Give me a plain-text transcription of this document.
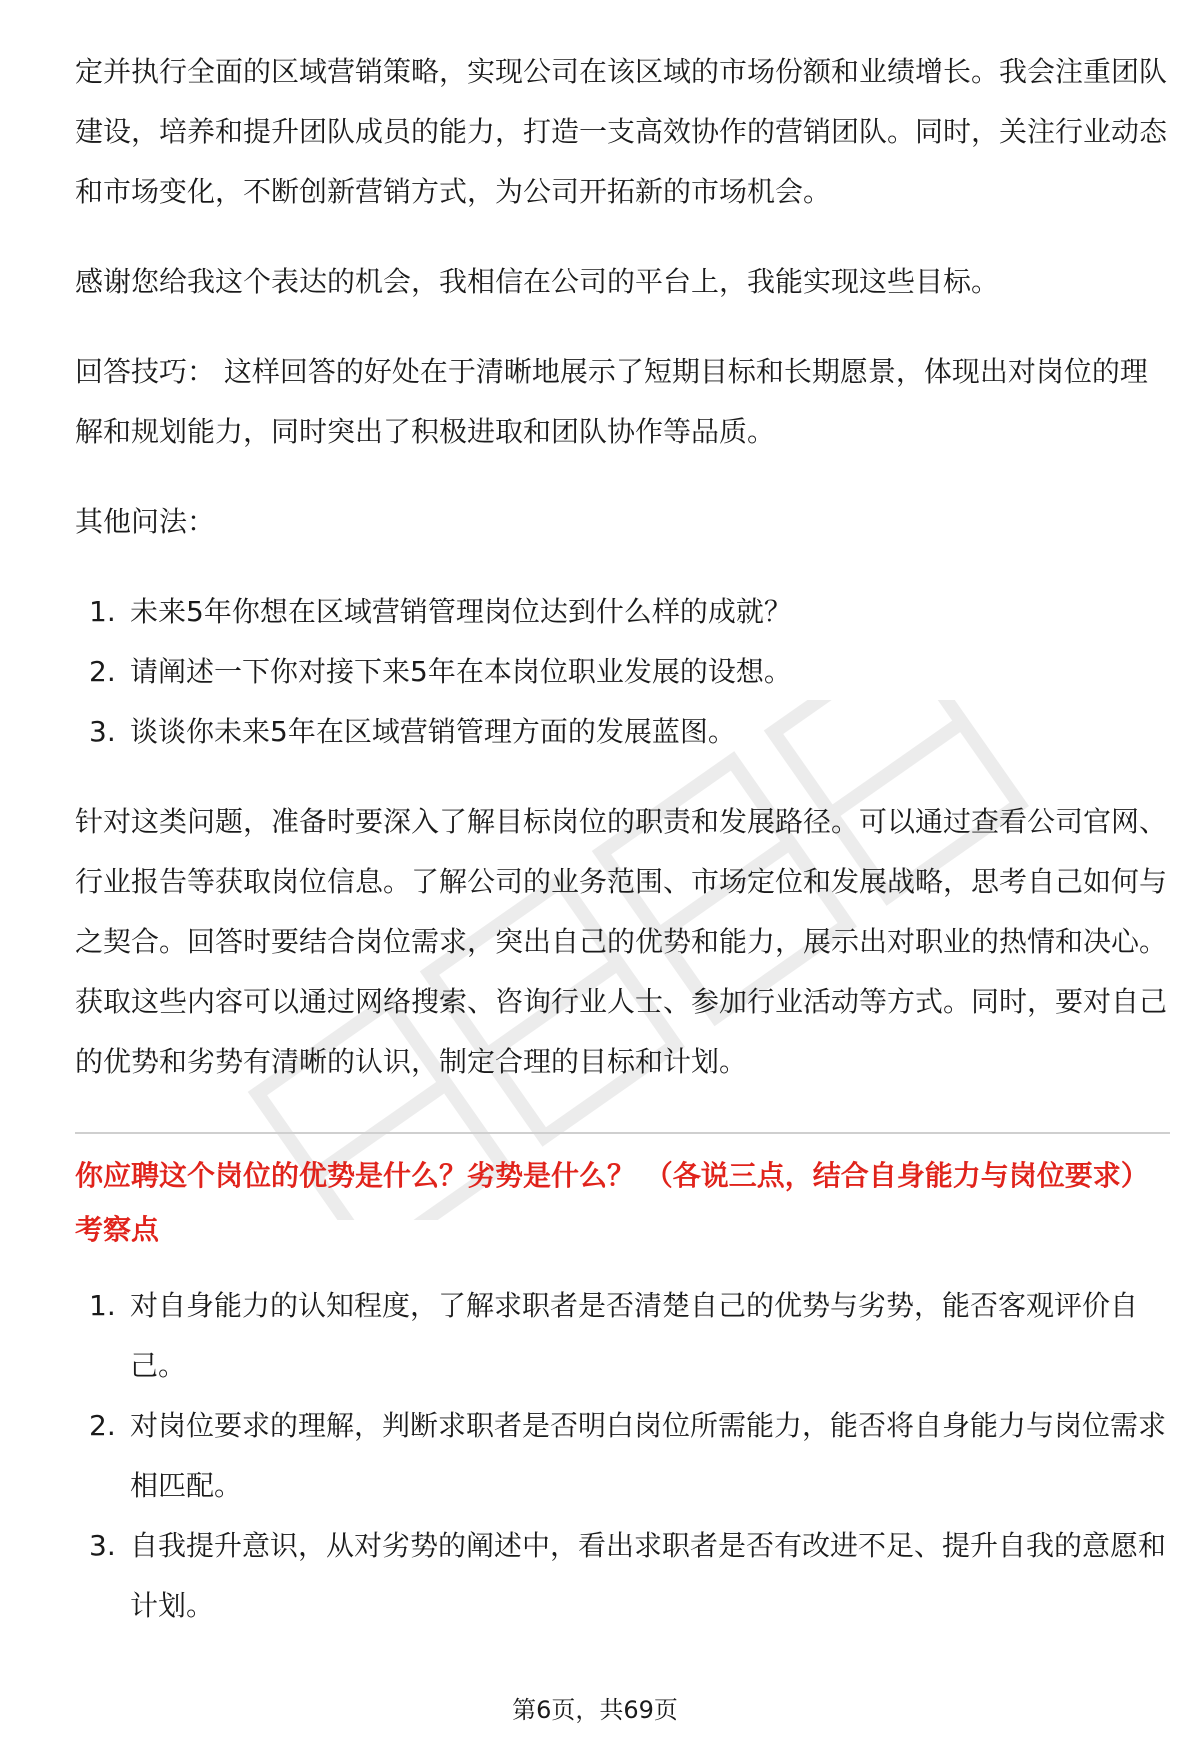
定并执行全面的区域营销策略，实现公司在该区域的市场份额和业绩增长。我会注重团队建设，培养和提升团队成员的能力，打造一支高效协作的营销团队。同时，关注行业动态和市场变化，不断创新营销方式，为公司开拓新的市场机会。

感谢您给我这个表达的机会，我相信在公司的平台上，我能实现这些目标。

回答技巧： 这样回答的好处在于清晰地展示了短期目标和长期愿景，体现出对岗位的理解和规划能力，同时突出了积极进取和团队协作等品质。

其他问法：

1. 未来5年你想在区域营销管理岗位达到什么样的成就？
2. 请阐述一下你对接下来5年在本岗位职业发展的设想。
3. 谈谈你未来5年在区域营销管理方面的发展蓝图。

针对这类问题，准备时要深入了解目标岗位的职责和发展路径。可以通过查看公司官网、行业报告等获取岗位信息。了解公司的业务范围、市场定位和发展战略，思考自己如何与之契合。回答时要结合岗位需求，突出自己的优势和能力，展示出对职业的热情和决心。获取这些内容可以通过网络搜索、咨询行业人士、参加行业活动等方式。同时，要对自己的优势和劣势有清晰的认识，制定合理的目标和计划。

你应聘这个岗位的优势是什么？劣势是什么？ （各说三点，结合自身能力与岗位要求）

考察点

1. 对自身能力的认知程度，了解求职者是否清楚自己的优势与劣势，能否客观评价自己。
2. 对岗位要求的理解，判断求职者是否明白岗位所需能力，能否将自身能力与岗位需求相匹配。
3. 自我提升意识，从对劣势的阐述中，看出求职者是否有改进不足、提升自我的意愿和计划。
第6页，共69页
